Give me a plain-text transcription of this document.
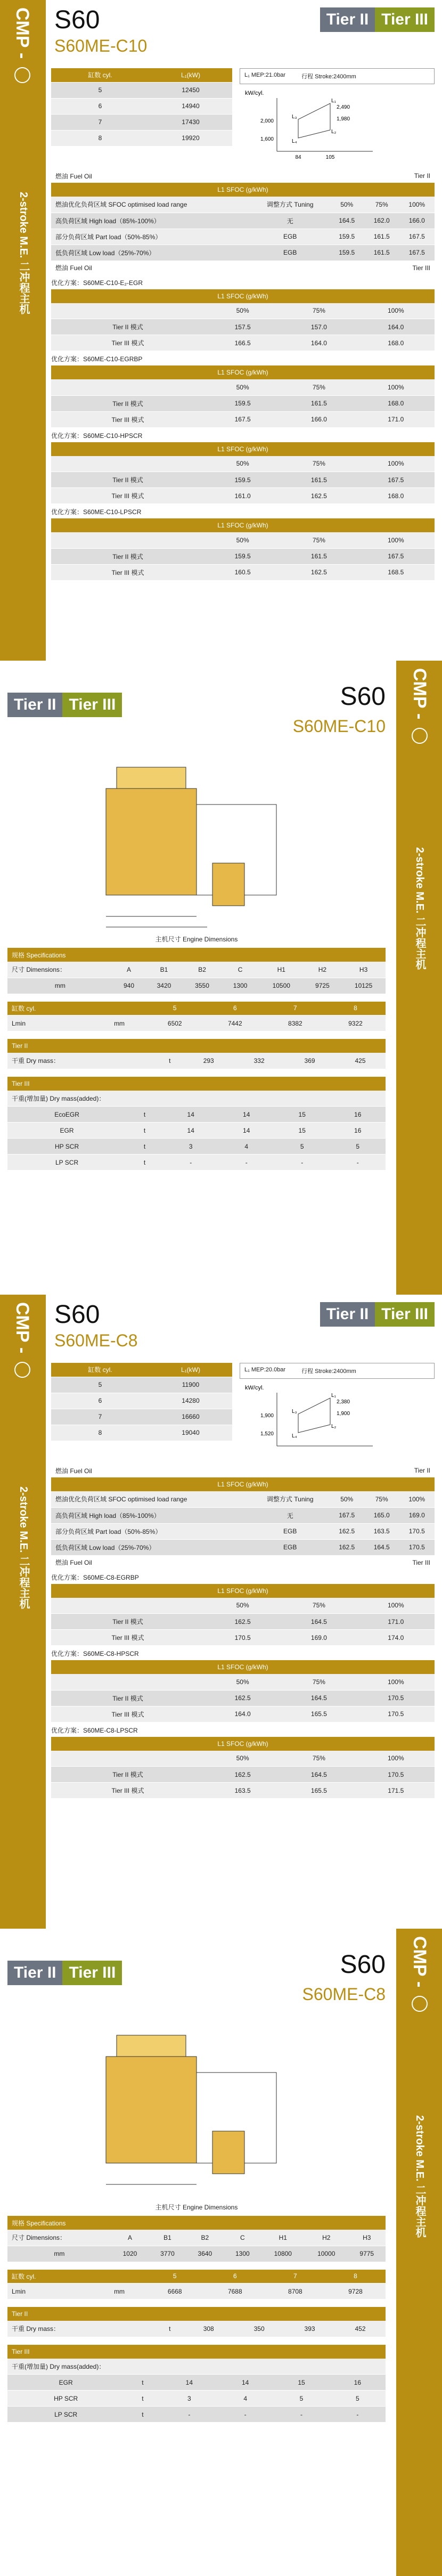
CMP -
2-stroke M.E. 二冲程主机
S60
S60ME-C10
Tier II Tier III
缸数 cyl.	L₁(kW)
5	12450
6	14940
7	17430
8	19920
L₁ MEP:21.0bar	行程 Stroke:2400mm
kW/cyl.
L₁
L₂
L₃
L₄
2,490
1,980
2,000
1,600
84	105
燃油 Fuel Oil	Tier II
L1 SFOC (g/kWh)
燃油优化负荷区域 SFOC optimised load range	调整方式 Tuning	50%	75%	100%
高负荷区域 High load（85%-100%）	无	164.5	162.0	166.0
部分负荷区域 Part load（50%-85%）	EGB	159.5	161.5	167.5
低负荷区域 Low load（25%-70%）	EGB	159.5	161.5	167.5
燃油 Fuel Oil	Tier III
优化方案：S60ME-C10-E₂-EGR
L1 SFOC (g/kWh)
	50%	75%	100%
Tier II 模式	157.5	157.0	164.0
Tier III 模式	166.5	164.0	168.0
优化方案：S60ME-C10-EGRBP
L1 SFOC (g/kWh)
	50%	75%	100%
Tier II 模式	159.5	161.5	168.0
Tier III 模式	167.5	166.0	171.0
优化方案：S60ME-C10-HPSCR
L1 SFOC (g/kWh)
	50%	75%	100%
Tier II 模式	159.5	161.5	167.5
Tier III 模式	161.0	162.5	168.0
优化方案：S60ME-C10-LPSCR
L1 SFOC (g/kWh)
	50%	75%	100%
Tier II 模式	159.5	161.5	167.5
Tier III 模式	160.5	162.5	168.5
CMP -
2-stroke M.E. 二冲程主机
Tier II Tier III	S60
S60ME-C10
主机尺寸 Engine Dimensions
规格 Specifications
尺寸 Dimensions：	A	B1	B2	C	H1	H2	H3
mm	940	3420	3550	1300	10500	9725	10125
缸数 cyl.		5	6	7	8
Lmin	mm	6502	7442	8382	9322
Tier II
干重 Dry mass：	t	293	332	369	425
Tier III
干重(增加量) Dry mass(added)：					
EcoEGR	t	14	14	15	16
EGR	t	14	14	15	16
HP SCR	t	3	4	5	5
LP SCR	t	-	-	-	-
CMP -
2-stroke M.E. 二冲程主机
S60
S60ME-C8
Tier II Tier III
缸数 cyl.	L₁(kW)
5	11900
6	14280
7	16660
8	19040
L₁ MEP:20.0bar	行程 Stroke:2400mm
kW/cyl.
L₁
L₂
L₃
L₄
2,380
1,900
1,900
1,520
燃油 Fuel Oil	Tier II
L1 SFOC (g/kWh)
燃油优化负荷区域 SFOC optimised load range	调整方式 Tuning	50%	75%	100%
高负荷区域 High load（85%-100%）	无	167.5	165.0	169.0
部分负荷区域 Part load（50%-85%）	EGB	162.5	163.5	170.5
低负荷区域 Low load（25%-70%）	EGB	162.5	164.5	170.5
燃油 Fuel Oil	Tier III
优化方案：S60ME-C8-EGRBP
L1 SFOC (g/kWh)
	50%	75%	100%
Tier II 模式	162.5	164.5	171.0
Tier III 模式	170.5	169.0	174.0
优化方案：S60ME-C8-HPSCR
L1 SFOC (g/kWh)
	50%	75%	100%
Tier II 模式	162.5	164.5	170.5
Tier III 模式	164.0	165.5	170.5
优化方案：S60ME-C8-LPSCR
L1 SFOC (g/kWh)
	50%	75%	100%
Tier II 模式	162.5	164.5	170.5
Tier III 模式	163.5	165.5	171.5
CMP -
2-stroke M.E. 二冲程主机
Tier II Tier III	S60
S60ME-C8
主机尺寸 Engine Dimensions
规格 Specifications
尺寸 Dimensions：	A	B1	B2	C	H1	H2	H3
mm	1020	3770	3640	1300	10800	10000	9775
缸数 cyl.		5	6	7	8
Lmin	mm	6668	7688	8708	9728
Tier II
干重 Dry mass：	t	308	350	393	452
Tier III
干重(增加量) Dry mass(added)：					
EGR	t	14	14	15	16
HP SCR	t	3	4	5	5
LP SCR	t	-	-	-	-
